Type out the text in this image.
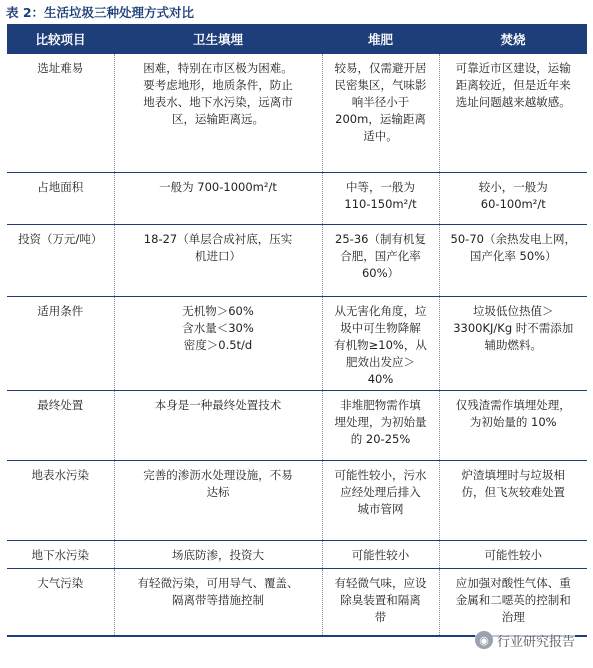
表 2：生活垃圾三种处理方式对比
比较项目	卫生填埋	堆肥	焚烧

选址难易	困难，特别在市区极为困难。
要考虑地形，地质条件，防止
地表水、地下水污染，远离市
区，运输距离远。	较易，仅需避开居
民密集区，气味影
响半径小于
200m，运输距离
适中。	可靠近市区建设，运输
距离较近，但是近年来
选址问题越来越敏感。

占地面积	一般为 700-1000m²/t	中等，一般为
110-150m²/t	较小，一般为
60-100m²/t

投资（万元/吨）	18-27（单层合成衬底，压实
机进口）	25-36（制有机复
合肥，国产化率
60%）	50-70（余热发电上网，
国产化率 50%）

适用条件	无机物＞60%
含水量＜30%
密度＞0.5t/d	从无害化角度，垃
圾中可生物降解
有机物≥10%，从
肥效出发应＞
40%	垃圾低位热值＞
3300KJ/Kg 时不需添加
辅助燃料。

最终处置	本身是一种最终处置技术	非堆肥物需作填
埋处理，为初始量
的 20-25%	仅残渣需作填埋处理，
为初始量的 10%

地表水污染	完善的渗沥水处理设施，不易
达标	可能性较小，污水
应经处理后排入
城市管网	炉渣填埋时与垃圾相
仿，但飞灰较难处置

地下水污染	场底防渗，投资大	可能性较小	可能性较小

大气污染	有轻微污染，可用导气、覆盖、
隔离带等措施控制	有轻微气味，应设
除臭装置和隔离
带	应加强对酸性气体、重
金属和二噁英的控制和
治理
◉ 行业研究报告
